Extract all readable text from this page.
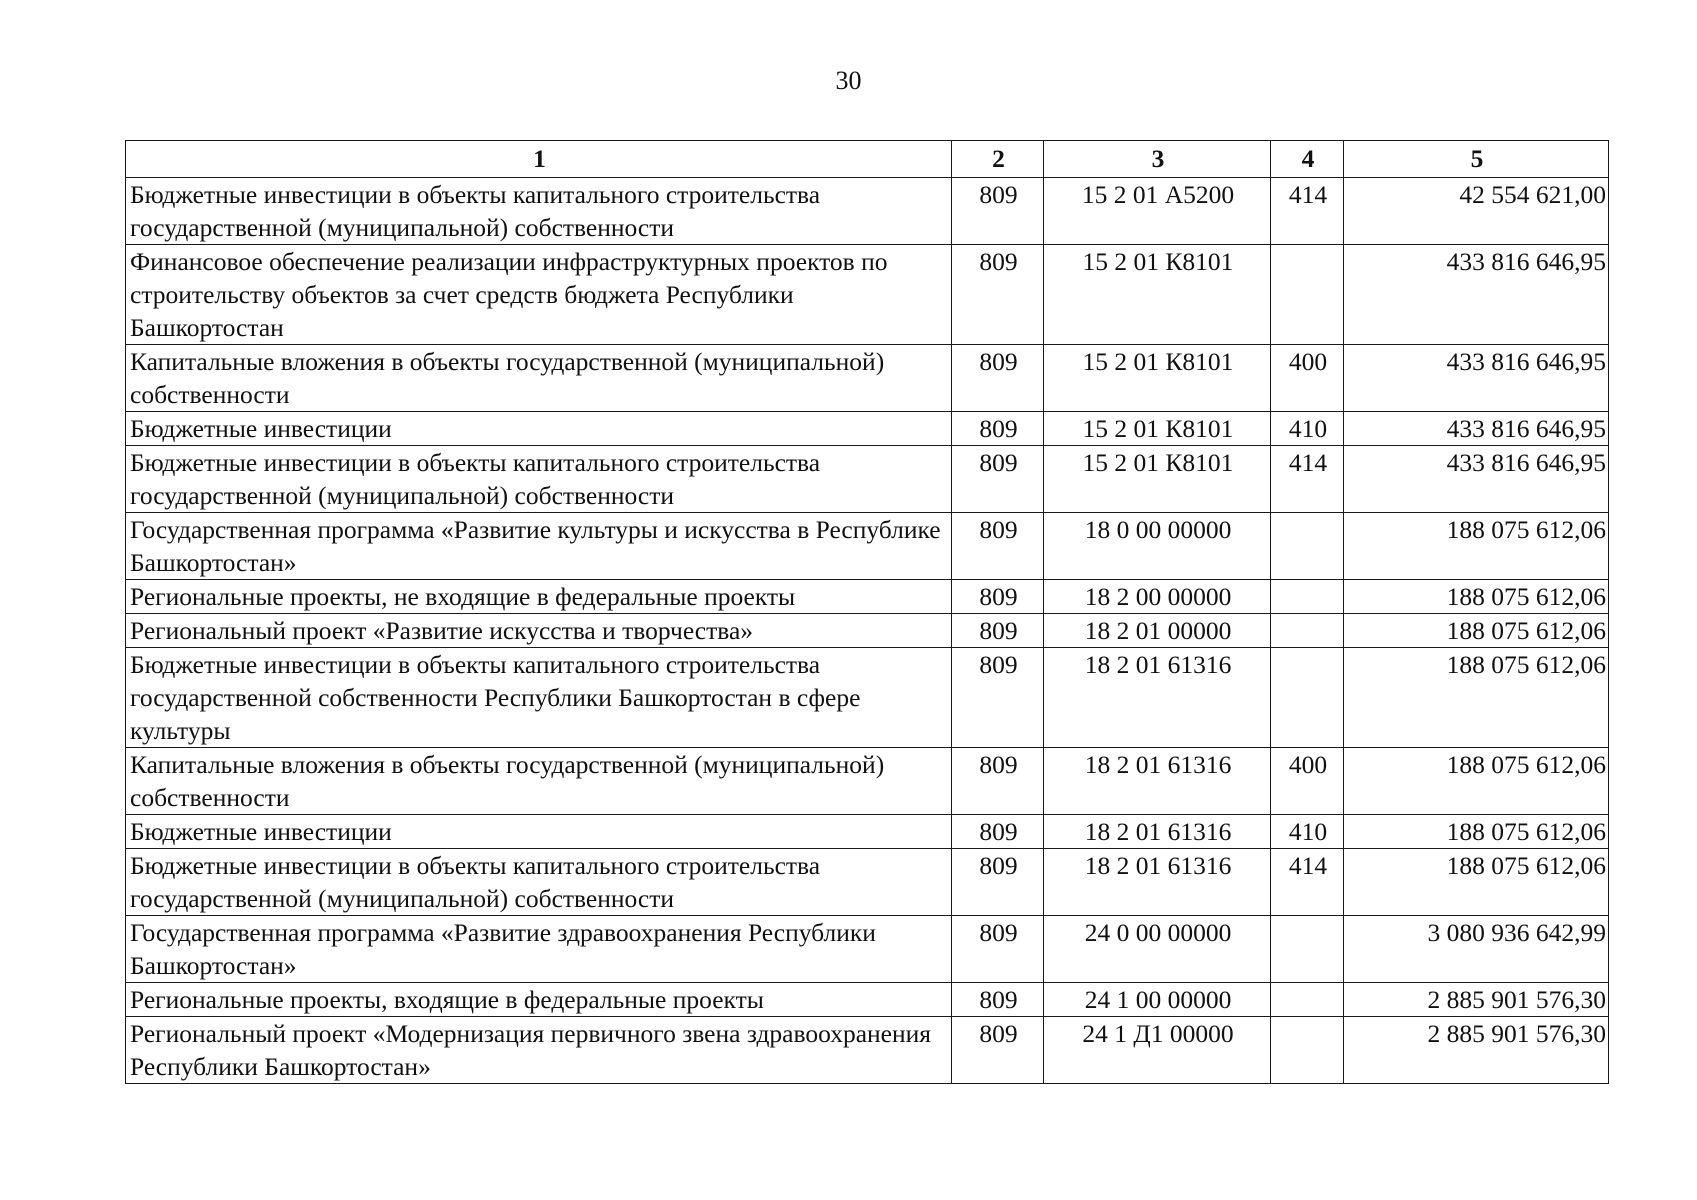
30
1	2	3	4	5
Бюджетные инвестиции в объекты капитального строительства государственной (муниципальной) собственности	809	15 2 01 А5200	414	42 554 621,00
Финансовое обеспечение реализации инфраструктурных проектов по строительству объектов за счет средств бюджета Республики Башкортостан	809	15 2 01 К8101		433 816 646,95
Капитальные вложения в объекты государственной (муниципальной) собственности	809	15 2 01 К8101	400	433 816 646,95
Бюджетные инвестиции	809	15 2 01 К8101	410	433 816 646,95
Бюджетные инвестиции в объекты капитального строительства государственной (муниципальной) собственности	809	15 2 01 К8101	414	433 816 646,95
Государственная программа «Развитие культуры и искусства в Республике Башкортостан»	809	18 0 00 00000		188 075 612,06
Региональные проекты, не входящие в федеральные проекты	809	18 2 00 00000		188 075 612,06
Региональный проект «Развитие искусства и творчества»	809	18 2 01 00000		188 075 612,06
Бюджетные инвестиции в объекты капитального строительства государственной собственности Республики Башкортостан в сфере культуры	809	18 2 01 61316		188 075 612,06
Капитальные вложения в объекты государственной (муниципальной) собственности	809	18 2 01 61316	400	188 075 612,06
Бюджетные инвестиции	809	18 2 01 61316	410	188 075 612,06
Бюджетные инвестиции в объекты капитального строительства государственной (муниципальной) собственности	809	18 2 01 61316	414	188 075 612,06
Государственная программа «Развитие здравоохранения Республики Башкортостан»	809	24 0 00 00000		3 080 936 642,99
Региональные проекты, входящие в федеральные проекты	809	24 1 00 00000		2 885 901 576,30
Региональный проект «Модернизация первичного звена здравоохранения Республики Башкортостан»	809	24 1 Д1 00000		2 885 901 576,30
